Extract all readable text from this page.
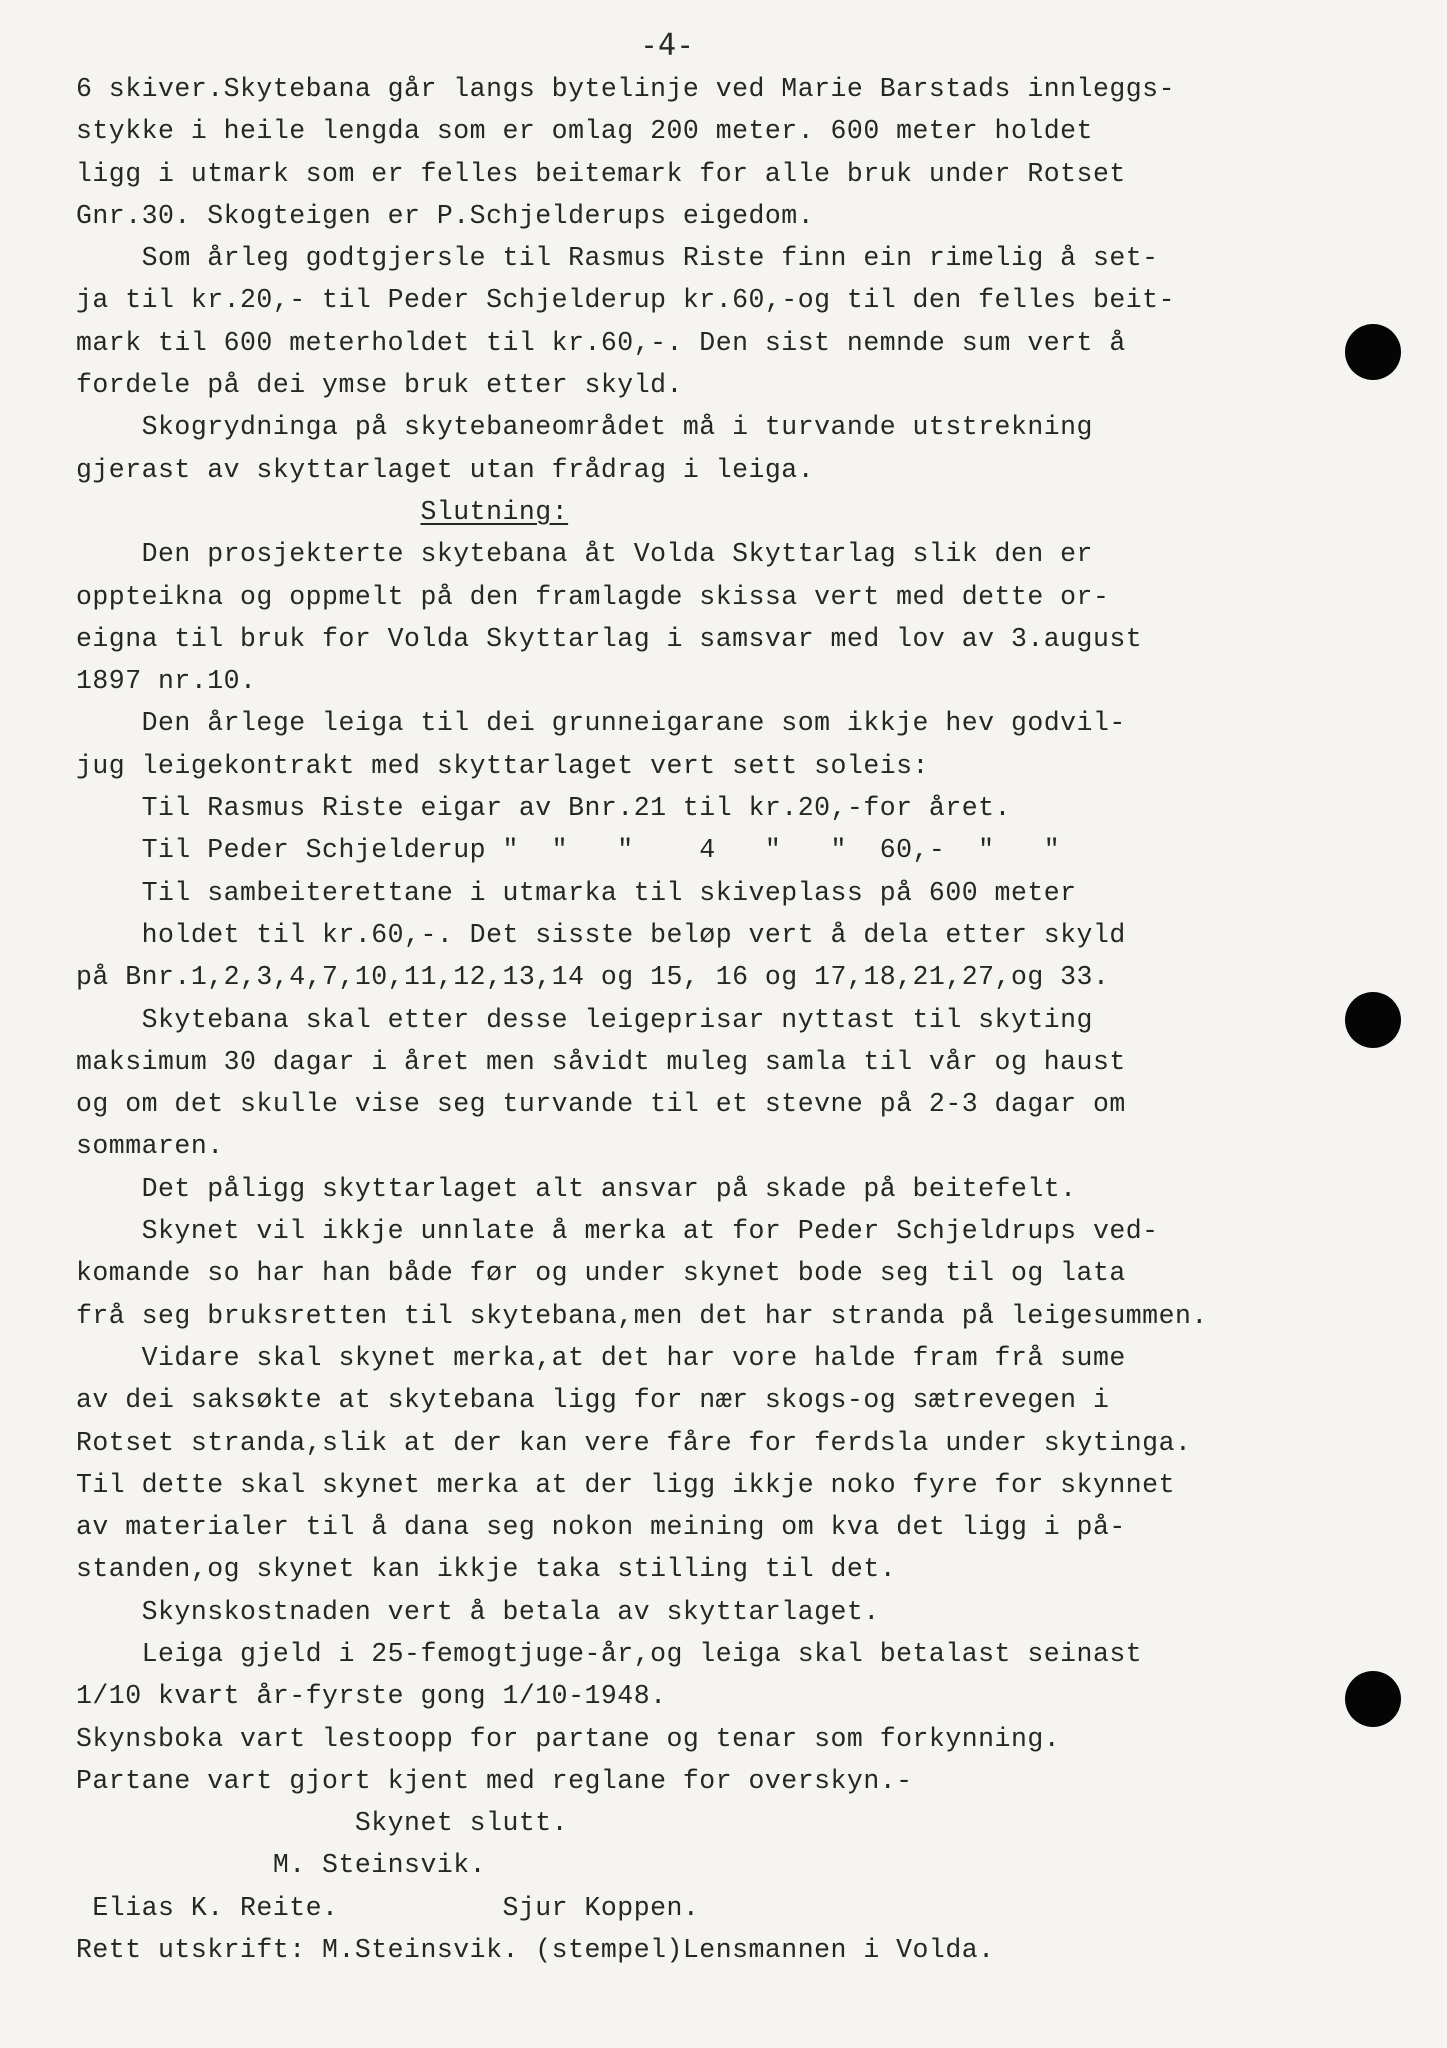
-4-
6 skiver.Skytebana går langs bytelinje ved Marie Barstads innleggs-
stykke i heile lengda som er omlag 200 meter. 600 meter holdet
ligg i utmark som er felles beitemark for alle bruk under Rotset
Gnr.30. Skogteigen er P.Schjelderups eigedom.
Som årleg godtgjersle til Rasmus Riste finn ein rimelig å set-
ja til kr.20,- til Peder Schjelderup kr.60,-og til den felles beit-
mark til 600 meterholdet til kr.60,-. Den sist nemnde sum vert å
fordele på dei ymse bruk etter skyld.
Skogrydninga på skytebaneområdet må i turvande utstrekning
gjerast av skyttarlaget utan frådrag i leiga.
Slutning:
Den prosjekterte skytebana åt Volda Skyttarlag slik den er
oppteikna og oppmelt på den framlagde skissa vert med dette or-
eigna til bruk for Volda Skyttarlag i samsvar med lov av 3.august
1897 nr.10.
Den årlege leiga til dei grunneigarane som ikkje hev godvil-
jug leigekontrakt med skyttarlaget vert sett soleis:
Til Rasmus Riste eigar av Bnr.21 til kr.20,-for året.
Til Peder Schjelderup "  "   "    4   "   "  60,-  "   "
Til sambeiterettane i utmarka til skiveplass på 600 meter
holdet til kr.60,-. Det sisste beløp vert å dela etter skyld
på Bnr.1,2,3,4,7,10,11,12,13,14 og 15, 16 og 17,18,21,27,og 33.
Skytebana skal etter desse leigeprisar nyttast til skyting
maksimum 30 dagar i året men såvidt muleg samla til vår og haust
og om det skulle vise seg turvande til et stevne på 2-3 dagar om
sommaren.
Det påligg skyttarlaget alt ansvar på skade på beitefelt.
Skynet vil ikkje unnlate å merka at for Peder Schjeldrups ved-
komande so har han både før og under skynet bode seg til og lata
frå seg bruksretten til skytebana,men det har stranda på leigesummen.
Vidare skal skynet merka,at det har vore halde fram frå sume
av dei saksøkte at skytebana ligg for nær skogs-og sætrevegen i
Rotset stranda,slik at der kan vere fåre for ferdsla under skytinga.
Til dette skal skynet merka at der ligg ikkje noko fyre for skynnet
av materialer til å dana seg nokon meining om kva det ligg i på-
standen,og skynet kan ikkje taka stilling til det.
Skynskostnaden vert å betala av skyttarlaget.
Leiga gjeld i 25-femogtjuge-år,og leiga skal betalast seinast
1/10 kvart år-fyrste gong 1/10-1948.
Skynsboka vart lestoopp for partane og tenar som forkynning.
Partane vart gjort kjent med reglane for overskyn.-
Skynet slutt.
M. Steinsvik.
Elias K. Reite.          Sjur Koppen.
Rett utskrift: M.Steinsvik. (stempel)Lensmannen i Volda.
